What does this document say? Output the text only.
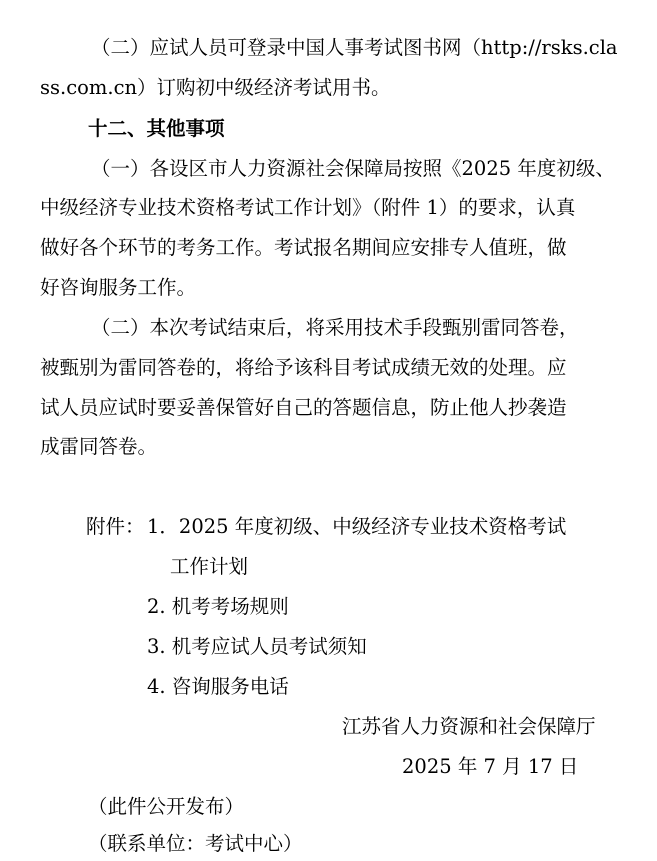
（二）应试人员可登录中国人事考试图书网（http://rsks.cla
ss.com.cn）订购初中级经济考试用书。
十二、其他事项
（一）各设区市人力资源社会保障局按照《2025 年度初级、
中级经济专业技术资格考试工作计划》（附件 1）的要求，认真
做好各个环节的考务工作。考试报名期间应安排专人值班，做
好咨询服务工作。
（二）本次考试结束后，将采用技术手段甄别雷同答卷，
被甄别为雷同答卷的，将给予该科目考试成绩无效的处理。应
试人员应试时要妥善保管好自己的答题信息，防止他人抄袭造
成雷同答卷。
附件： 1．2025 年度初级、中级经济专业技术资格考试
工作计划
2. 机考考场规则
3. 机考应试人员考试须知
4. 咨询服务电话
江苏省人力资源和社会保障厅
2025 年 7 月 17 日
（此件公开发布）
（联系单位：考试中心）
